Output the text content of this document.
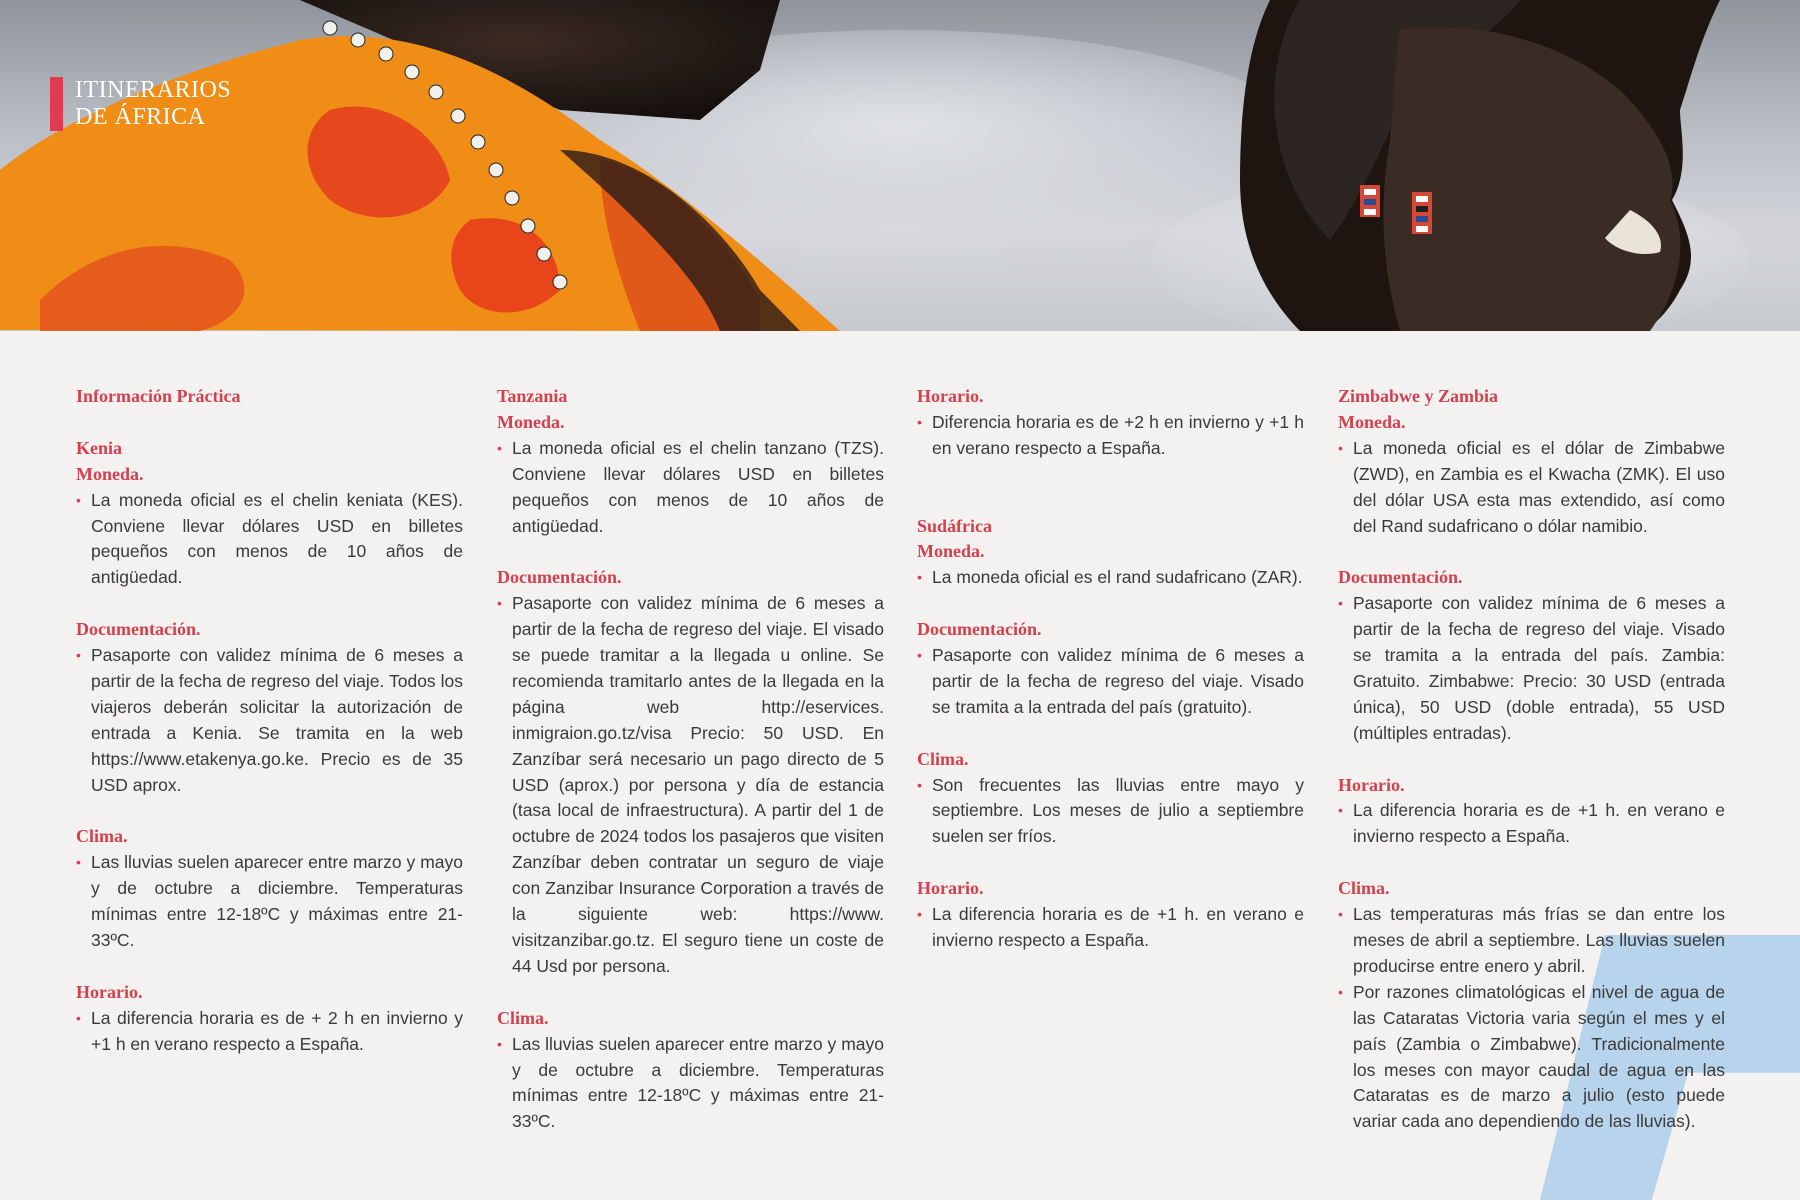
ITINERARIOS
DE ÁFRICA
Información Práctica
Kenia
Moneda.

• La moneda oficial es el chelin keniata (KES). Conviene llevar dólares USD en billetes pequeños con menos de 10 años de antigüedad.

Documentación.

• Pasaporte con validez mínima de 6 meses a partir de la fecha de regreso del viaje. Todos los viajeros deberán solicitar la autorización de entrada a Kenia. Se tramita en la web https://www.etakenya.go.ke. Precio es de 35 USD aprox.

Clima.

• Las lluvias suelen aparecer entre marzo y mayo y de octubre a diciembre. Temperaturas mínimas entre 12-18ºC y máximas entre 21-33ºC.

Horario.

• La diferencia horaria es de + 2 h en invierno y +1 h en verano respecto a España.

Tanzania
Moneda.

• La moneda oficial es el chelin tanzano (TZS). Conviene llevar dólares USD en billetes pequeños con menos de 10 años de antigüedad.

Documentación.

• Pasaporte con validez mínima de 6 meses a partir de la fecha de regreso del viaje. El visado se puede tramitar a la llegada u online. Se recomienda tramitarlo antes de la llegada en la página web http://eservices. inmigraion.go.tz/visa Precio: 50 USD. En Zanzíbar será necesario un pago directo de 5 USD (aprox.) por persona y día de estancia (tasa local de infraestructura). A partir del 1 de octubre de 2024 todos los pasajeros que visiten Zanzíbar deben contratar un seguro de viaje con Zanzibar Insurance Corporation a través de la siguiente web: https://www. visitzanzibar.go.tz. El seguro tiene un coste de 44 Usd por persona.

Clima.

• Las lluvias suelen aparecer entre marzo y mayo y de octubre a diciembre. Temperaturas mínimas entre 12-18ºC y máximas entre 21-33ºC.

Horario.

• Diferencia horaria es de +2 h en invierno y +1 h en verano respecto a España.

Sudáfrica
Moneda.

• La moneda oficial es el rand sudafricano (ZAR).

Documentación.

• Pasaporte con validez mínima de 6 meses a partir de la fecha de regreso del viaje. Visado se tramita a la entrada del país (gratuito).

Clima.

• Son frecuentes las lluvias entre mayo y septiembre. Los meses de julio a septiembre suelen ser fríos.

Horario.

• La diferencia horaria es de +1 h. en verano e invierno respecto a España.

Zimbabwe y Zambia
Moneda.

• La moneda oficial es el dólar de Zimbabwe (ZWD), en Zambia es el Kwacha (ZMK). El uso del dólar USA esta mas extendido, así como del Rand sudafricano o dólar namibio.

Documentación.

• Pasaporte con validez mínima de 6 meses a partir de la fecha de regreso del viaje. Visado se tramita a la entrada del país. Zambia: Gratuito. Zimbabwe: Precio: 30 USD (entrada única), 50 USD (doble entrada), 55 USD (múltiples entradas).

Horario.

• La diferencia horaria es de +1 h. en verano e invierno respecto a España.

Clima.

• Las temperaturas más frías se dan entre los meses de abril a septiembre. Las lluvias suelen producirse entre enero y abril.

• Por razones climatológicas el nivel de agua de las Cataratas Victoria varia según el mes y el país (Zambia o Zimbabwe). Tradicionalmente los meses con mayor caudal de agua en las Cataratas es de marzo a julio (esto puede variar cada ano dependiendo de las lluvias).
